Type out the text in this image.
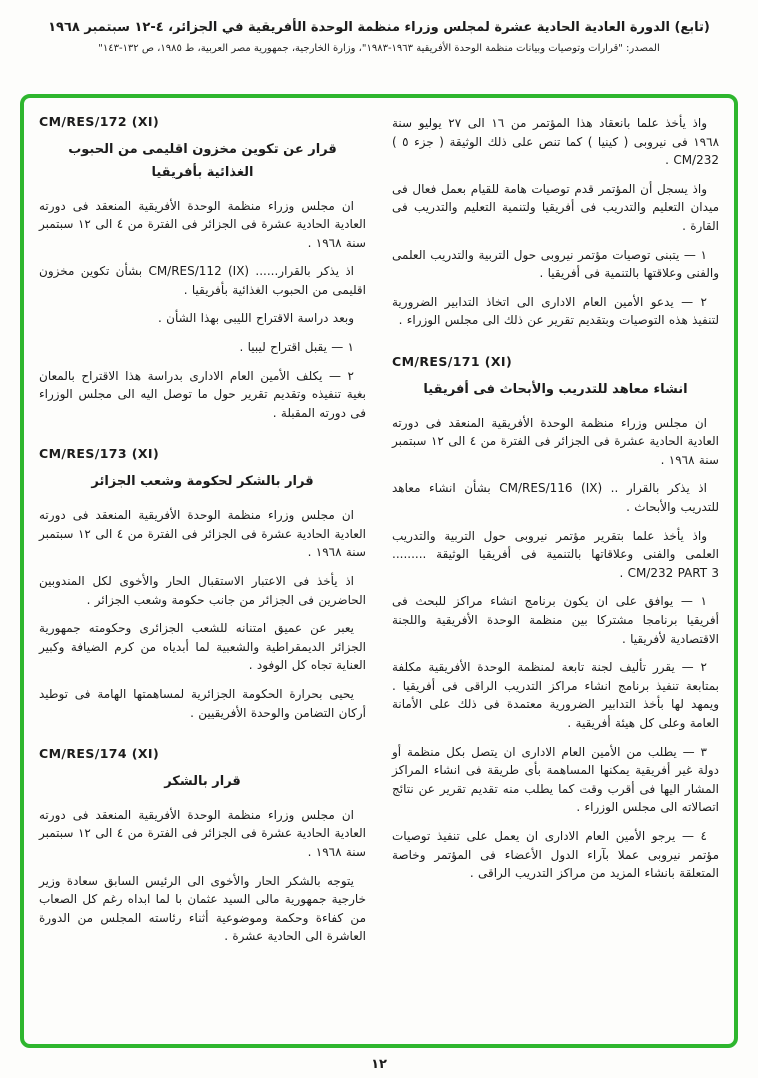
(تابع) الدورة العادية الحادية عشرة لمجلس وزراء منظمة الوحدة الأفريقية في الجزائر، ٤-١٢ سبتمبر ١٩٦٨
المصدر: "قرارات وتوصيات وبيانات منظمة الوحدة الأفريقية ١٩٦٣-١٩٨٣"، وزارة الخارجية، جمهورية مصر العربية، ط ١٩٨٥، ص ١٣٢-١٤٣"
واذ يأخذ علما بانعقاد هذا المؤتمر من ١٦ الى ٢٧ يوليو سنة ١٩٦٨ فى نيروبى ( كينيا ) كما تنص على ذلك الوثيقة ( جزء ٥ ) CM/232 .
واذ يسجل أن المؤتمر قدم توصيات هامة للقيام بعمل فعال فى ميدان التعليم والتدريب فى أفريقيا ولتنمية التعليم والتدريب فى القارة .
١ — يتبنى توصيات مؤتمر نيروبى حول التربية والتدريب العلمى والفنى وعلاقتها بالتنمية فى أفريقيا .
٢ — يدعو الأمين العام الادارى الى اتخاذ التدابير الضرورية لتنفيذ هذه التوصيات وبتقديم تقرير عن ذلك الى مجلس الوزراء .
CM/RES/171 (XI)
انشاء معاهد للتدريب والأبحاث فى أفريقيا
ان مجلس وزراء منظمة الوحدة الأفريقية المنعقد فى دورته العادية الحادية عشرة فى الجزائر فى الفترة من ٤ الى ١٢ سبتمبر سنة ١٩٦٨ .
اذ يذكر بالقرار .. CM/RES/116 (IX) بشأن انشاء معاهد للتدريب والأبحاث .
واذ يأخذ علما بتقرير مؤتمر نيروبى حول التربية والتدريب العلمى والفنى وعلاقاتها بالتنمية فى أفريقيا الوثيقة ......... CM/232 PART 3 .
١ — يوافق على ان يكون برنامج انشاء مراكز للبحث فى أفريقيا برنامجا مشتركا بين منظمة الوحدة الأفريقية واللجنة الاقتصادية لأفريقيا .
٢ — يقرر تأليف لجنة تابعة لمنظمة الوحدة الأفريقية مكلفة بمتابعة تنفيذ برنامج انشاء مراكز التدريب الراقى فى أفريقيا . ويمهد لها بأخذ التدابير الضرورية معتمدة فى ذلك على الأمانة العامة وعلى كل هيئة أفريقية .
٣ — يطلب من الأمين العام الادارى ان يتصل بكل منظمة أو دولة غير أفريقية يمكنها المساهمة بأى طريقة فى انشاء المراكز المشار اليها فى أقرب وقت كما يطلب منه تقديم تقرير عن نتائج اتصالاته الى مجلس الوزراء .
٤ — يرجو الأمين العام الادارى ان يعمل على تنفيذ توصيات مؤتمر نيروبى عملا بآراء الدول الأعضاء فى المؤتمر وخاصة المتعلقة بانشاء المزيد من مراكز التدريب الراقى .
CM/RES/172 (XI)
قرار عن تكوين مخزون اقليمى من الحبوب الغذائية بأفريقيا
ان مجلس وزراء منظمة الوحدة الأفريقية المنعقد فى دورته العادية الحادية عشرة فى الجزائر فى الفترة من ٤ الى ١٢ سبتمبر سنة ١٩٦٨ .
اذ يذكر بالقرار...... CM/RES/112 (IX) بشأن تكوين مخزون اقليمى من الحبوب الغذائية بأفريقيا .
وبعد دراسة الاقتراح الليبى بهذا الشأن .
١ — يقبل اقتراح ليبيا .
٢ — يكلف الأمين العام الادارى بدراسة هذا الاقتراح بالمعان بغية تنفيذه وتقديم تقرير حول ما توصل اليه الى مجلس الوزراء فى دورته المقبلة .
CM/RES/173 (XI)
قرار بالشكر لحكومة وشعب الجزائر
ان مجلس وزراء منظمة الوحدة الأفريقية المنعقد فى دورته العادية الحادية عشرة فى الجزائر فى الفترة من ٤ الى ١٢ سبتمبر سنة ١٩٦٨ .
اذ يأخذ فى الاعتبار الاستقبال الحار والأخوى لكل المندوبين الحاضرين فى الجزائر من جانب حكومة وشعب الجزائر .
يعبر عن عميق امتنانه للشعب الجزائرى وحكومته جمهورية الجزائر الديمقراطية والشعبية لما أبدياه من كرم الضيافة وكبير العناية تجاه كل الوفود .
يحيى بحرارة الحكومة الجزائرية لمساهمتها الهامة فى توطيد أركان التضامن والوحدة الأفريقيين .
CM/RES/174 (XI)
قرار بالشكر
ان مجلس وزراء منظمة الوحدة الأفريقية المنعقد فى دورته العادية الحادية عشرة فى الجزائر فى الفترة من ٤ الى ١٢ سبتمبر سنة ١٩٦٨ .
يتوجه بالشكر الحار والأخوى الى الرئيس السابق سعادة وزير خارجية جمهورية مالى السيد عثمان با لما ابداه رغم كل الصعاب من كفاءة وحكمة وموضوعية أثناء رئاسته المجلس من الدورة العاشرة الى الحادية عشرة .
١٢
